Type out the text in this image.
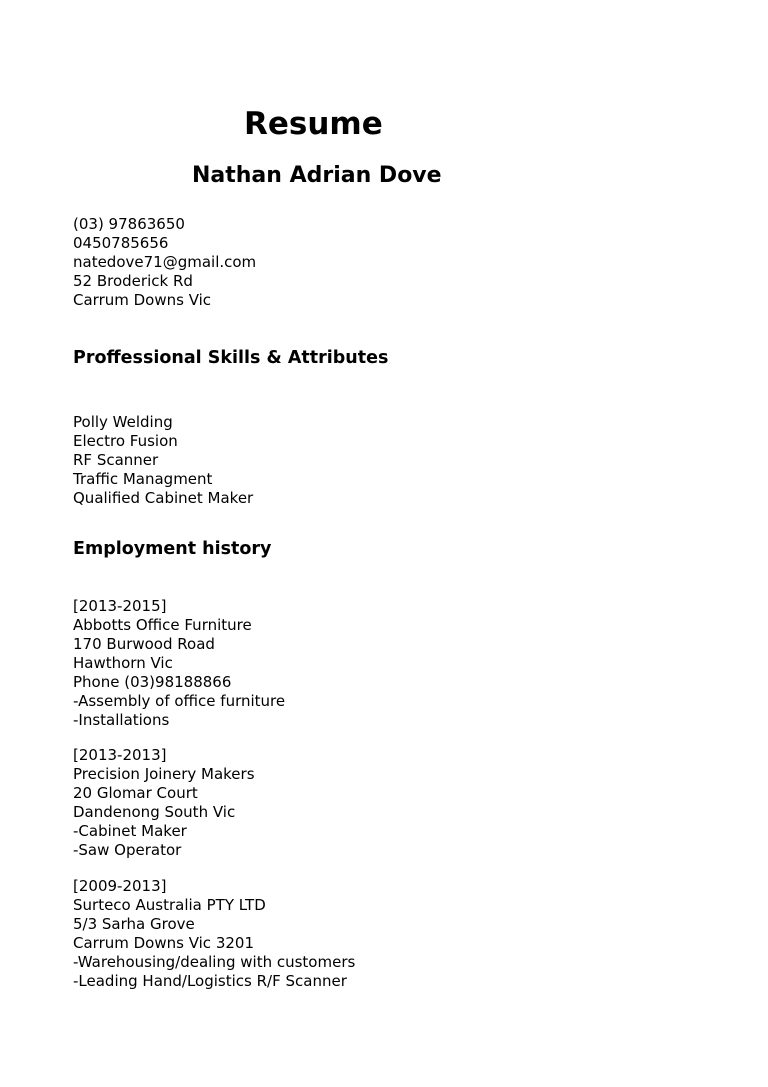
Resume
Nathan Adrian Dove
(03) 97863650
0450785656
natedove71@gmail.com
52 Broderick Rd
Carrum Downs Vic
Proffessional Skills & Attributes
Polly Welding
Electro Fusion
RF Scanner
Traffic Managment
Qualified Cabinet Maker
Employment history
[2013-2015]
Abbotts Office Furniture
170 Burwood Road
Hawthorn Vic
Phone (03)98188866
-Assembly of office furniture
-Installations
[2013-2013]
Precision Joinery Makers
20 Glomar Court
Dandenong South Vic
-Cabinet Maker
-Saw Operator
[2009-2013]
Surteco Australia PTY LTD
5/3 Sarha Grove
Carrum Downs Vic 3201
-Warehousing/dealing with customers
-Leading Hand/Logistics R/F Scanner
